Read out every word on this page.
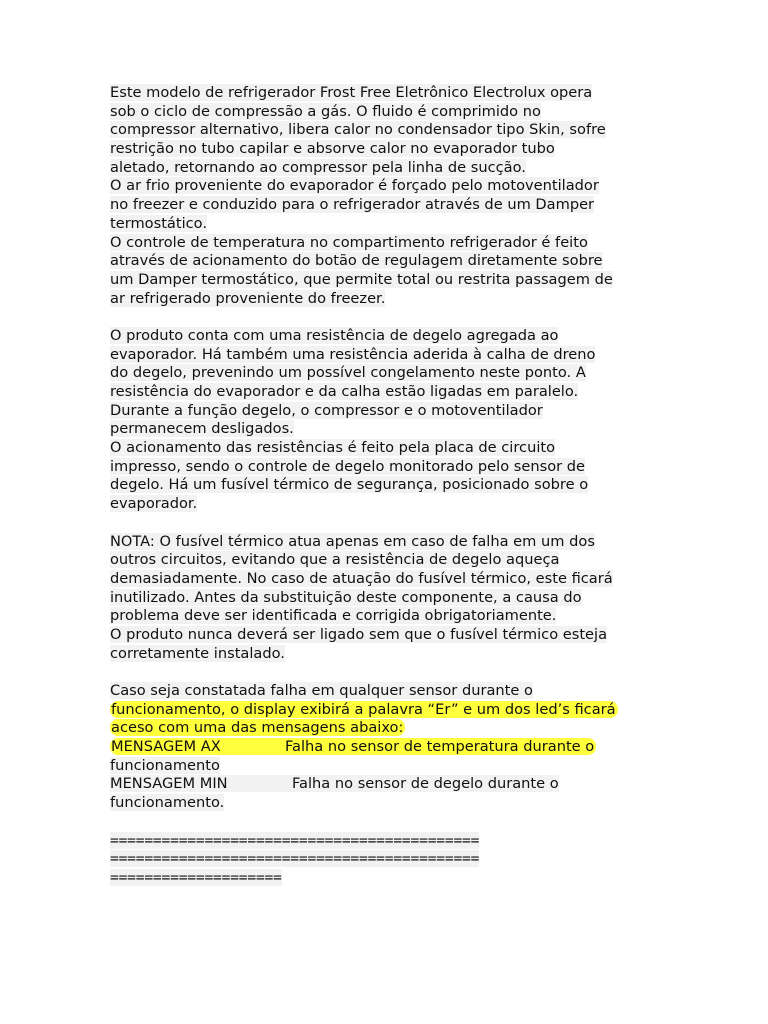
Este modelo de refrigerador Frost Free Eletrônico Electrolux opera
sob o ciclo de compressão a gás. O fluido é comprimido no
compressor alternativo, libera calor no condensador tipo Skin, sofre
restrição no tubo capilar e absorve calor no evaporador tubo
aletado, retornando ao compressor pela linha de sucção.
O ar frio proveniente do evaporador é forçado pelo motoventilador
no freezer e conduzido para o refrigerador através de um Damper
termostático.
O controle de temperatura no compartimento refrigerador é feito
através de acionamento do botão de regulagem diretamente sobre
um Damper termostático, que permite total ou restrita passagem de
ar refrigerado proveniente do freezer.
O produto conta com uma resistência de degelo agregada ao
evaporador. Há também uma resistência aderida à calha de dreno
do degelo, prevenindo um possível congelamento neste ponto. A
resistência do evaporador e da calha estão ligadas em paralelo.
Durante a função degelo, o compressor e o motoventilador
permanecem desligados.
O acionamento das resistências é feito pela placa de circuito
impresso, sendo o controle de degelo monitorado pelo sensor de
degelo. Há um fusível térmico de segurança, posicionado sobre o
evaporador.
NOTA: O fusível térmico atua apenas em caso de falha em um dos
outros circuitos, evitando que a resistência de degelo aqueça
demasiadamente. No caso de atuação do fusível térmico, este ficará
inutilizado. Antes da substituição deste componente, a causa do
problema deve ser identificada e corrigida obrigatoriamente.
O produto nunca deverá ser ligado sem que o fusível térmico esteja
corretamente instalado.
Caso seja constatada falha em qualquer sensor durante o
funcionamento, o display exibirá a palavra “Er” e um dos led’s ficará
aceso com uma das mensagens abaixo:
MENSAGEM AX	Falha no sensor de temperatura durante o
funcionamento
MENSAGEM MIN	Falha no sensor de degelo durante o
funcionamento.
===========================================
===========================================
====================
